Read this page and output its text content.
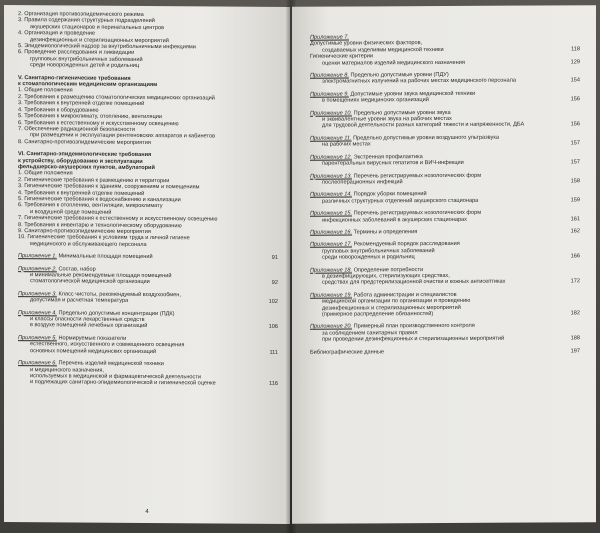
2. Организация противоэпидемического режима
3. Правила содержания структурных подразделений
акушерских стационаров и перинатальных центров
4. Организация и проведение
дезинфекционных и стерилизационных мероприятий
5. Эпидемиологический надзор за внутрибольничными инфекциями
6. Проведение расследования и ликвидации
групповых внутрибольничных заболеваний
среди новорожденных детей и родильниц
V. Санитарно-гигиенические требования
к стоматологическим медицинским организациям
1. Общие положения
2. Требования к размещению стоматологических медицинских организаций
3. Требования к внутренней отделке помещений
4. Требования к оборудованию
5. Требования к микроклимату, отоплению, вентиляции
6. Требования к естественному и искусственному освещению
7. Обеспечение радиационной безопасности
при размещении и эксплуатации рентгеновских аппаратов и кабинетов
8. Санитарно-противоэпидемические мероприятия
VI. Санитарно-эпидемиологические требования
к устройству, оборудованию и эксплуатации
фельдшерско-акушерских пунктов, амбулаторий
1. Общие положения
2. Гигиенические требования к размещению и территории
3. Гигиенические требования к зданиям, сооружениям и помещениям
4. Требования к внутренней отделке помещений
5. Гигиенические требования к водоснабжению и канализации
6. Требования к отоплению, вентиляции, микроклимату
и воздушной среде помещений
7. Гигиенические требования к естественному и искусственному освещению
8. Требования к инвентарю и технологическому оборудованию
9. Санитарно-противоэпидемические мероприятия
10. Гигиенические требования к условиям труда и личной гигиене
медицинского и обслуживающего персонала
Приложение 1. Минимальные площади помещений	91
Приложение 2. Состав, набор
и минимальные рекомендуемые площади помещений
стоматологической медицинской организации	92
Приложение 3. Класс чистоты, рекомендуемый воздухообмен,
допустимая и расчетная температура	102
Приложение 4. Предельно допустимые концентрации (ПДК)
и классы опасности лекарственных средств
в воздухе помещений лечебных организаций	106
Приложение 5. Нормируемые показатели
естественного, искусственного и совмещенного освещения
основных помещений медицинских организаций	111
Приложение 6. Перечень изделий медицинской техники
и медицинского назначения,
используемых в медицинской и фармацевтической деятельности
и подлежащих санитарно-эпидемиологической и гигиенической оценке	116
4
Приложение 7.
Допустимые уровни физических факторов,
создаваемых изделиями медицинской техники	118
Гигиенические критерии
оценки материалов изделий медицинского назначения	129
Приложение 8. Предельно допустимые уровни (ПДУ)
электромагнитных излучений на рабочих местах медицинского персонала	154
Приложение 9. Допустимые уровни звука медицинской техники
в помещениях медицинских организаций	156
Приложение 10. Предельно допустимые уровни звука
и эквивалентные уровни звука на рабочих местах
для трудовой деятельности разных категорий тяжести и напряженности, ДБА	156
Приложение 11. Предельно допустимые уровни воздушного ультразвука
на рабочих местах	157
Приложение 12. Экстренная профилактика
парентеральных вирусных гепатитов и ВИЧ-инфекции	157
Приложение 13. Перечень регистрируемых нозологических форм
послеоперационных инфекций	158
Приложение 14. Порядок уборки помещений
различных структурных отделений акушерского стационара	159
Приложение 15. Перечень регистрируемых нозологических форм
инфекционных заболеваний в акушерских стационарах	161
Приложение 16. Термины и определения	162
Приложение 17. Рекомендуемый порядок расследования
групповых внутрибольничных заболеваний
среди новорожденных и родильниц	166
Приложение 18. Определение потребности
в дезинфицирующих, стерилизующих средствах,
средствах для предстерилизационной очистки и кожных антисептиках	172
Приложение 19. Работа администрации и специалистов
медицинской организации по организации и проведению
дезинфекционных и стерилизационных мероприятий
(примерное распределение обязанностей)	182
Приложение 20. Примерный план производственного контроля
за соблюдением санитарных правил
при проведении дезинфекционных и стерилизационных мероприятий	188
Библиографические данные	197
